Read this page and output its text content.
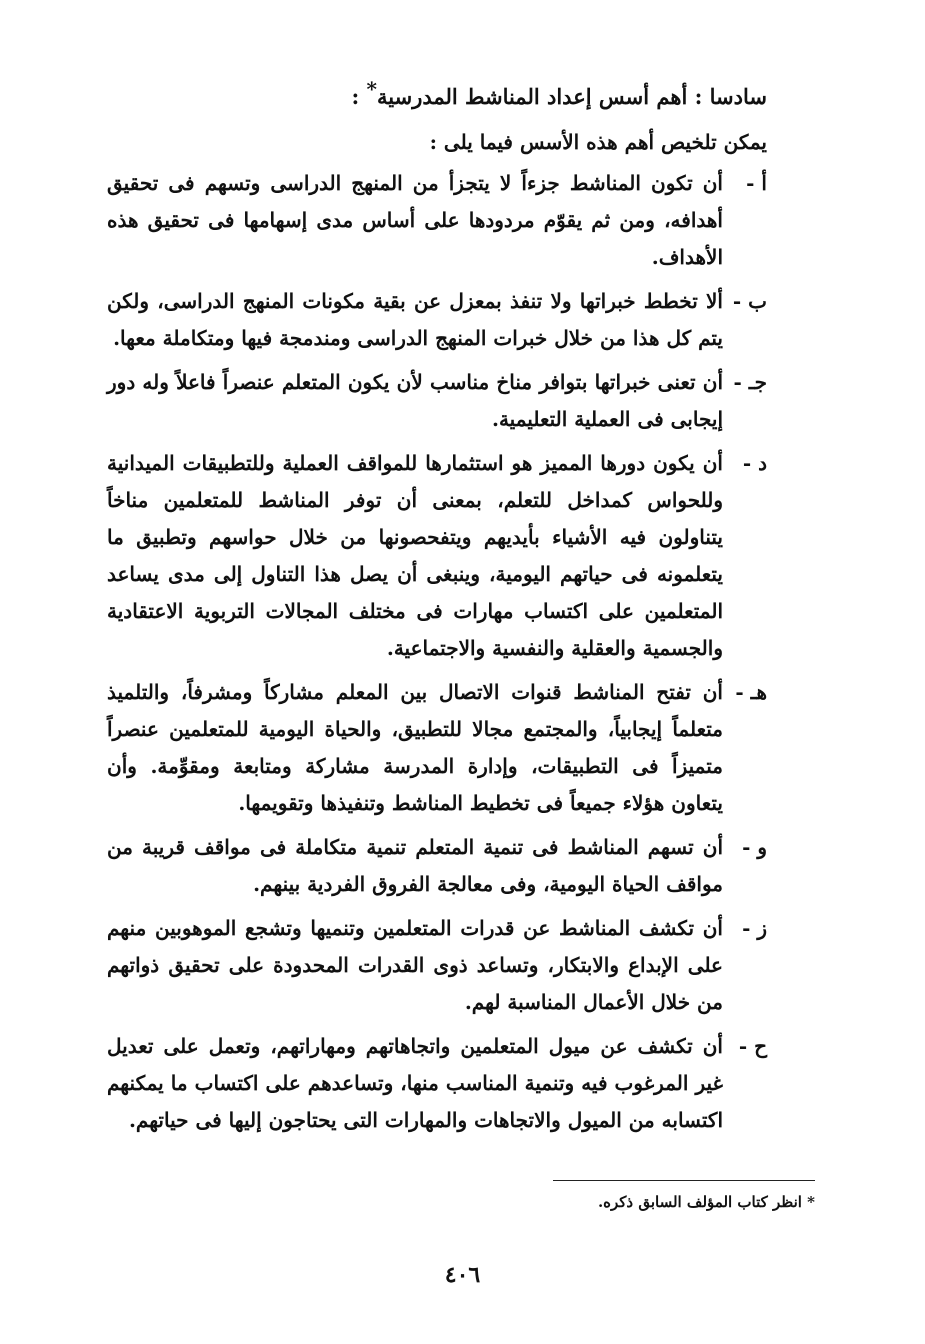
سادسا : أهم أسس إعداد المناشط المدرسية* :
يمكن تلخيص أهم هذه الأسس فيما يلى :
أ -
أن تكون المناشط جزءاً لا يتجزأ من المنهج الدراسى وتسهم فى تحقيق أهدافه، ومن ثم يقوّم مردودها على أساس مدى إسهامها فى تحقيق هذه الأهداف.
ب -
ألا تخطط خبراتها ولا تنفذ بمعزل عن بقية مكونات المنهج الدراسى، ولكن يتم كل هذا من خلال خبرات المنهج الدراسى ومندمجة فيها ومتكاملة معها.
جـ -
أن تعنى خبراتها بتوافر مناخ مناسب لأن يكون المتعلم عنصراً فاعلاً وله دور إيجابى فى العملية التعليمية.
د -
أن يكون دورها المميز هو استثمارها للمواقف العملية وللتطبيقات الميدانية وللحواس كمداخل للتعلم، بمعنى أن توفر المناشط للمتعلمين مناخاً يتناولون فيه الأشياء بأيديهم ويتفحصونها من خلال حواسهم وتطبيق ما يتعلمونه فى حياتهم اليومية، وينبغى أن يصل هذا التناول إلى مدى يساعد المتعلمين على اكتساب مهارات فى مختلف المجالات التربوية الاعتقادية والجسمية والعقلية والنفسية والاجتماعية.
هـ -
أن تفتح المناشط قنوات الاتصال بين المعلم مشاركاً ومشرفاً، والتلميذ متعلماً إيجابياً، والمجتمع مجالا للتطبيق، والحياة اليومية للمتعلمين عنصراً متميزاً فى التطبيقات، وإدارة المدرسة مشاركة ومتابعة ومقوِّمة. وأن يتعاون هؤلاء جميعاً فى تخطيط المناشط وتنفيذها وتقويمها.
و -
أن تسهم المناشط فى تنمية المتعلم تنمية متكاملة فى مواقف قريبة من مواقف الحياة اليومية، وفى معالجة الفروق الفردية بينهم.
ز -
أن تكشف المناشط عن قدرات المتعلمين وتنميها وتشجع الموهوبين منهم على الإبداع والابتكار، وتساعد ذوى القدرات المحدودة على تحقيق ذواتهم من خلال الأعمال المناسبة لهم.
ح -
أن تكشف عن ميول المتعلمين واتجاهاتهم ومهاراتهم، وتعمل على تعديل غير المرغوب فيه وتنمية المناسب منها، وتساعدهم على اكتساب ما يمكنهم اكتسابه من الميول والاتجاهات والمهارات التى يحتاجون إليها فى حياتهم.
* انظر كتاب المؤلف السابق ذكره.
٤٠٦
